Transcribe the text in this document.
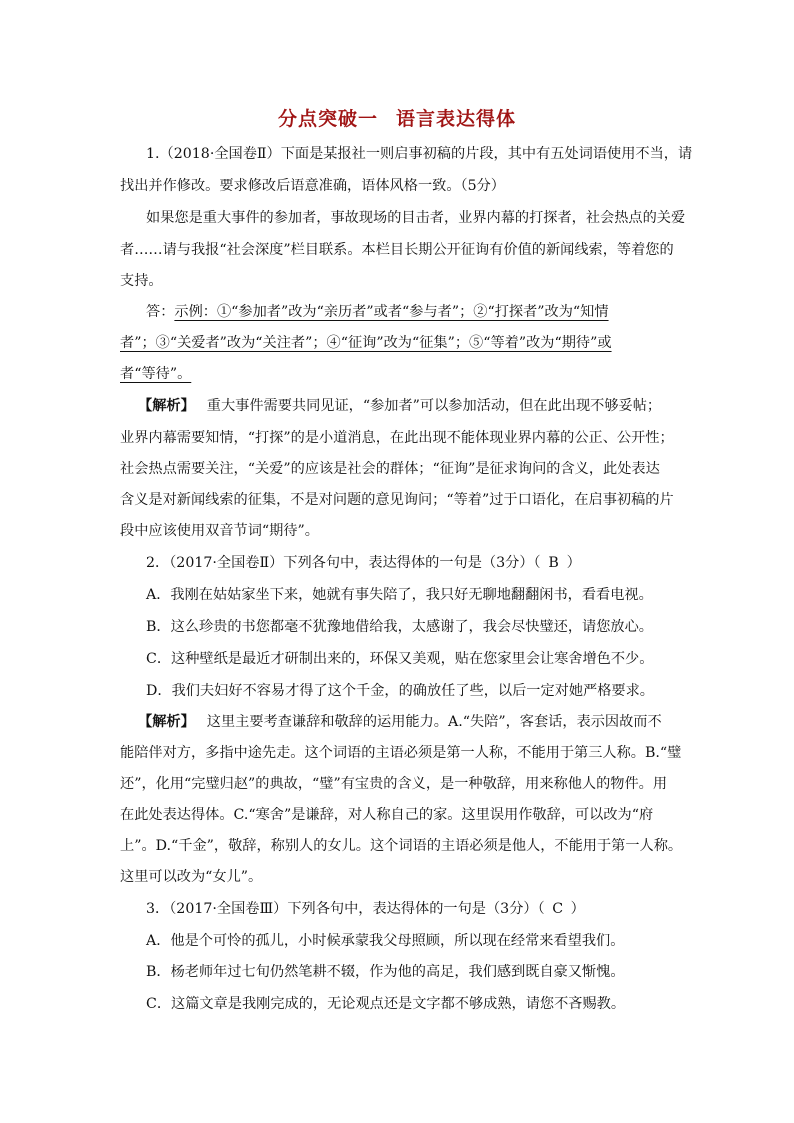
分点突破一 语言表达得体
1.（2018·全国卷Ⅱ）下面是某报社一则启事初稿的片段，其中有五处词语使用不当，请
找出并作修改。要求修改后语意准确，语体风格一致。（5分）
如果您是重大事件的参加者，事故现场的目击者，业界内幕的打探者，社会热点的关爱
者……请与我报“社会深度”栏目联系。本栏目长期公开征询有价值的新闻线索，等着您的
支持。
答：示例：①“参加者”改为“亲历者”或者“参与者”；②“打探者”改为“知情
者”；③“关爱者”改为“关注者”；④“征询”改为“征集”；⑤“等着”改为“期待”或
者“等待”。
【解析】 重大事件需要共同见证，“参加者”可以参加活动，但在此出现不够妥帖；
业界内幕需要知情，“打探”的是小道消息，在此出现不能体现业界内幕的公正、公开性；
社会热点需要关注，“关爱”的应该是社会的群体；“征询”是征求询问的含义，此处表达
含义是对新闻线索的征集，不是对问题的意见询问；“等着”过于口语化，在启事初稿的片
段中应该使用双音节词“期待”。
2．（2017·全国卷Ⅱ）下列各句中，表达得体的一句是（3分）（ B ）
A．我刚在姑姑家坐下来，她就有事失陪了，我只好无聊地翻翻闲书，看看电视。
B．这么珍贵的书您都毫不犹豫地借给我，太感谢了，我会尽快璧还，请您放心。
C．这种壁纸是最近才研制出来的，环保又美观，贴在您家里会让寒舍增色不少。
D．我们夫妇好不容易才得了这个千金，的确放任了些，以后一定对她严格要求。
【解析】 这里主要考查谦辞和敬辞的运用能力。A.“失陪”，客套话，表示因故而不
能陪伴对方，多指中途先走。这个词语的主语必须是第一人称，不能用于第三人称。B.“璧
还”，化用“完璧归赵”的典故，“璧”有宝贵的含义，是一种敬辞，用来称他人的物件。用
在此处表达得体。C.“寒舍”是谦辞，对人称自己的家。这里误用作敬辞，可以改为“府
上”。D.“千金”，敬辞，称别人的女儿。这个词语的主语必须是他人，不能用于第一人称。
这里可以改为“女儿”。
3．（2017·全国卷Ⅲ）下列各句中，表达得体的一句是（3分）（ C ）
A．他是个可怜的孤儿，小时候承蒙我父母照顾，所以现在经常来看望我们。
B．杨老师年过七旬仍然笔耕不辍，作为他的高足，我们感到既自豪又惭愧。
C．这篇文章是我刚完成的，无论观点还是文字都不够成熟，请您不吝赐教。
